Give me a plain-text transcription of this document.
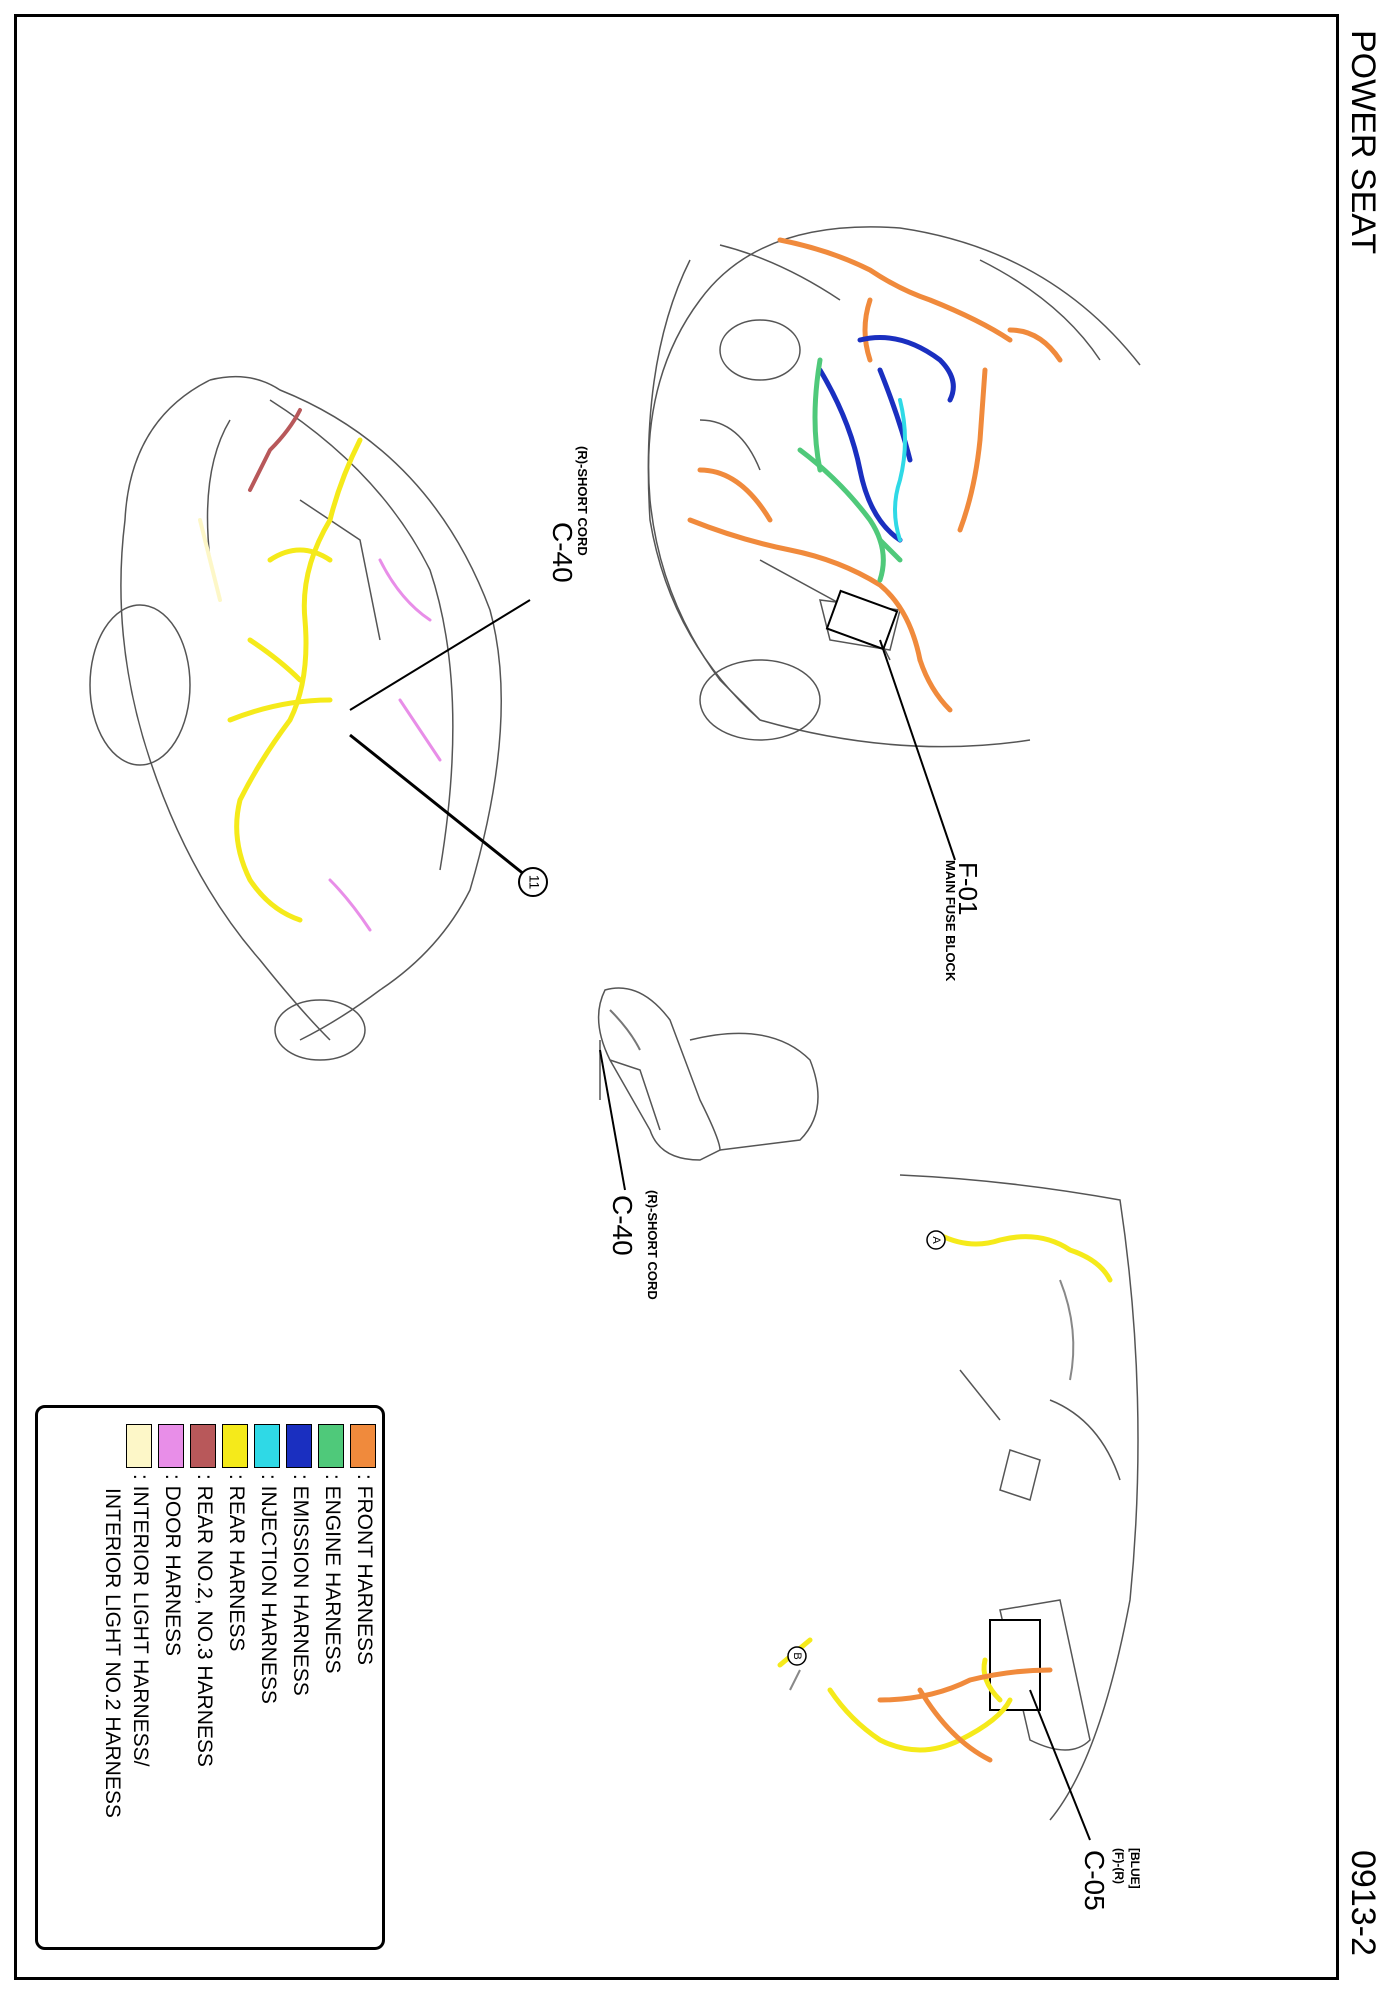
POWER SEAT
0913-2
11
A
B
C-40
(R)-SHORT CORD
F-01
MAIN FUSE BLOCK
C-40 (R)-SHORT CORD
C-05 (F)-(R) [BLUE]
: FRONT HARNESS
: ENGINE HARNESS
: EMISSION HARNESS
: INJECTION HARNESS
: REAR HARNESS
: REAR NO.2, NO.3 HARNESS
: DOOR HARNESS
: INTERIOR LIGHT HARNESS/
INTERIOR LIGHT NO.2 HARNESS
